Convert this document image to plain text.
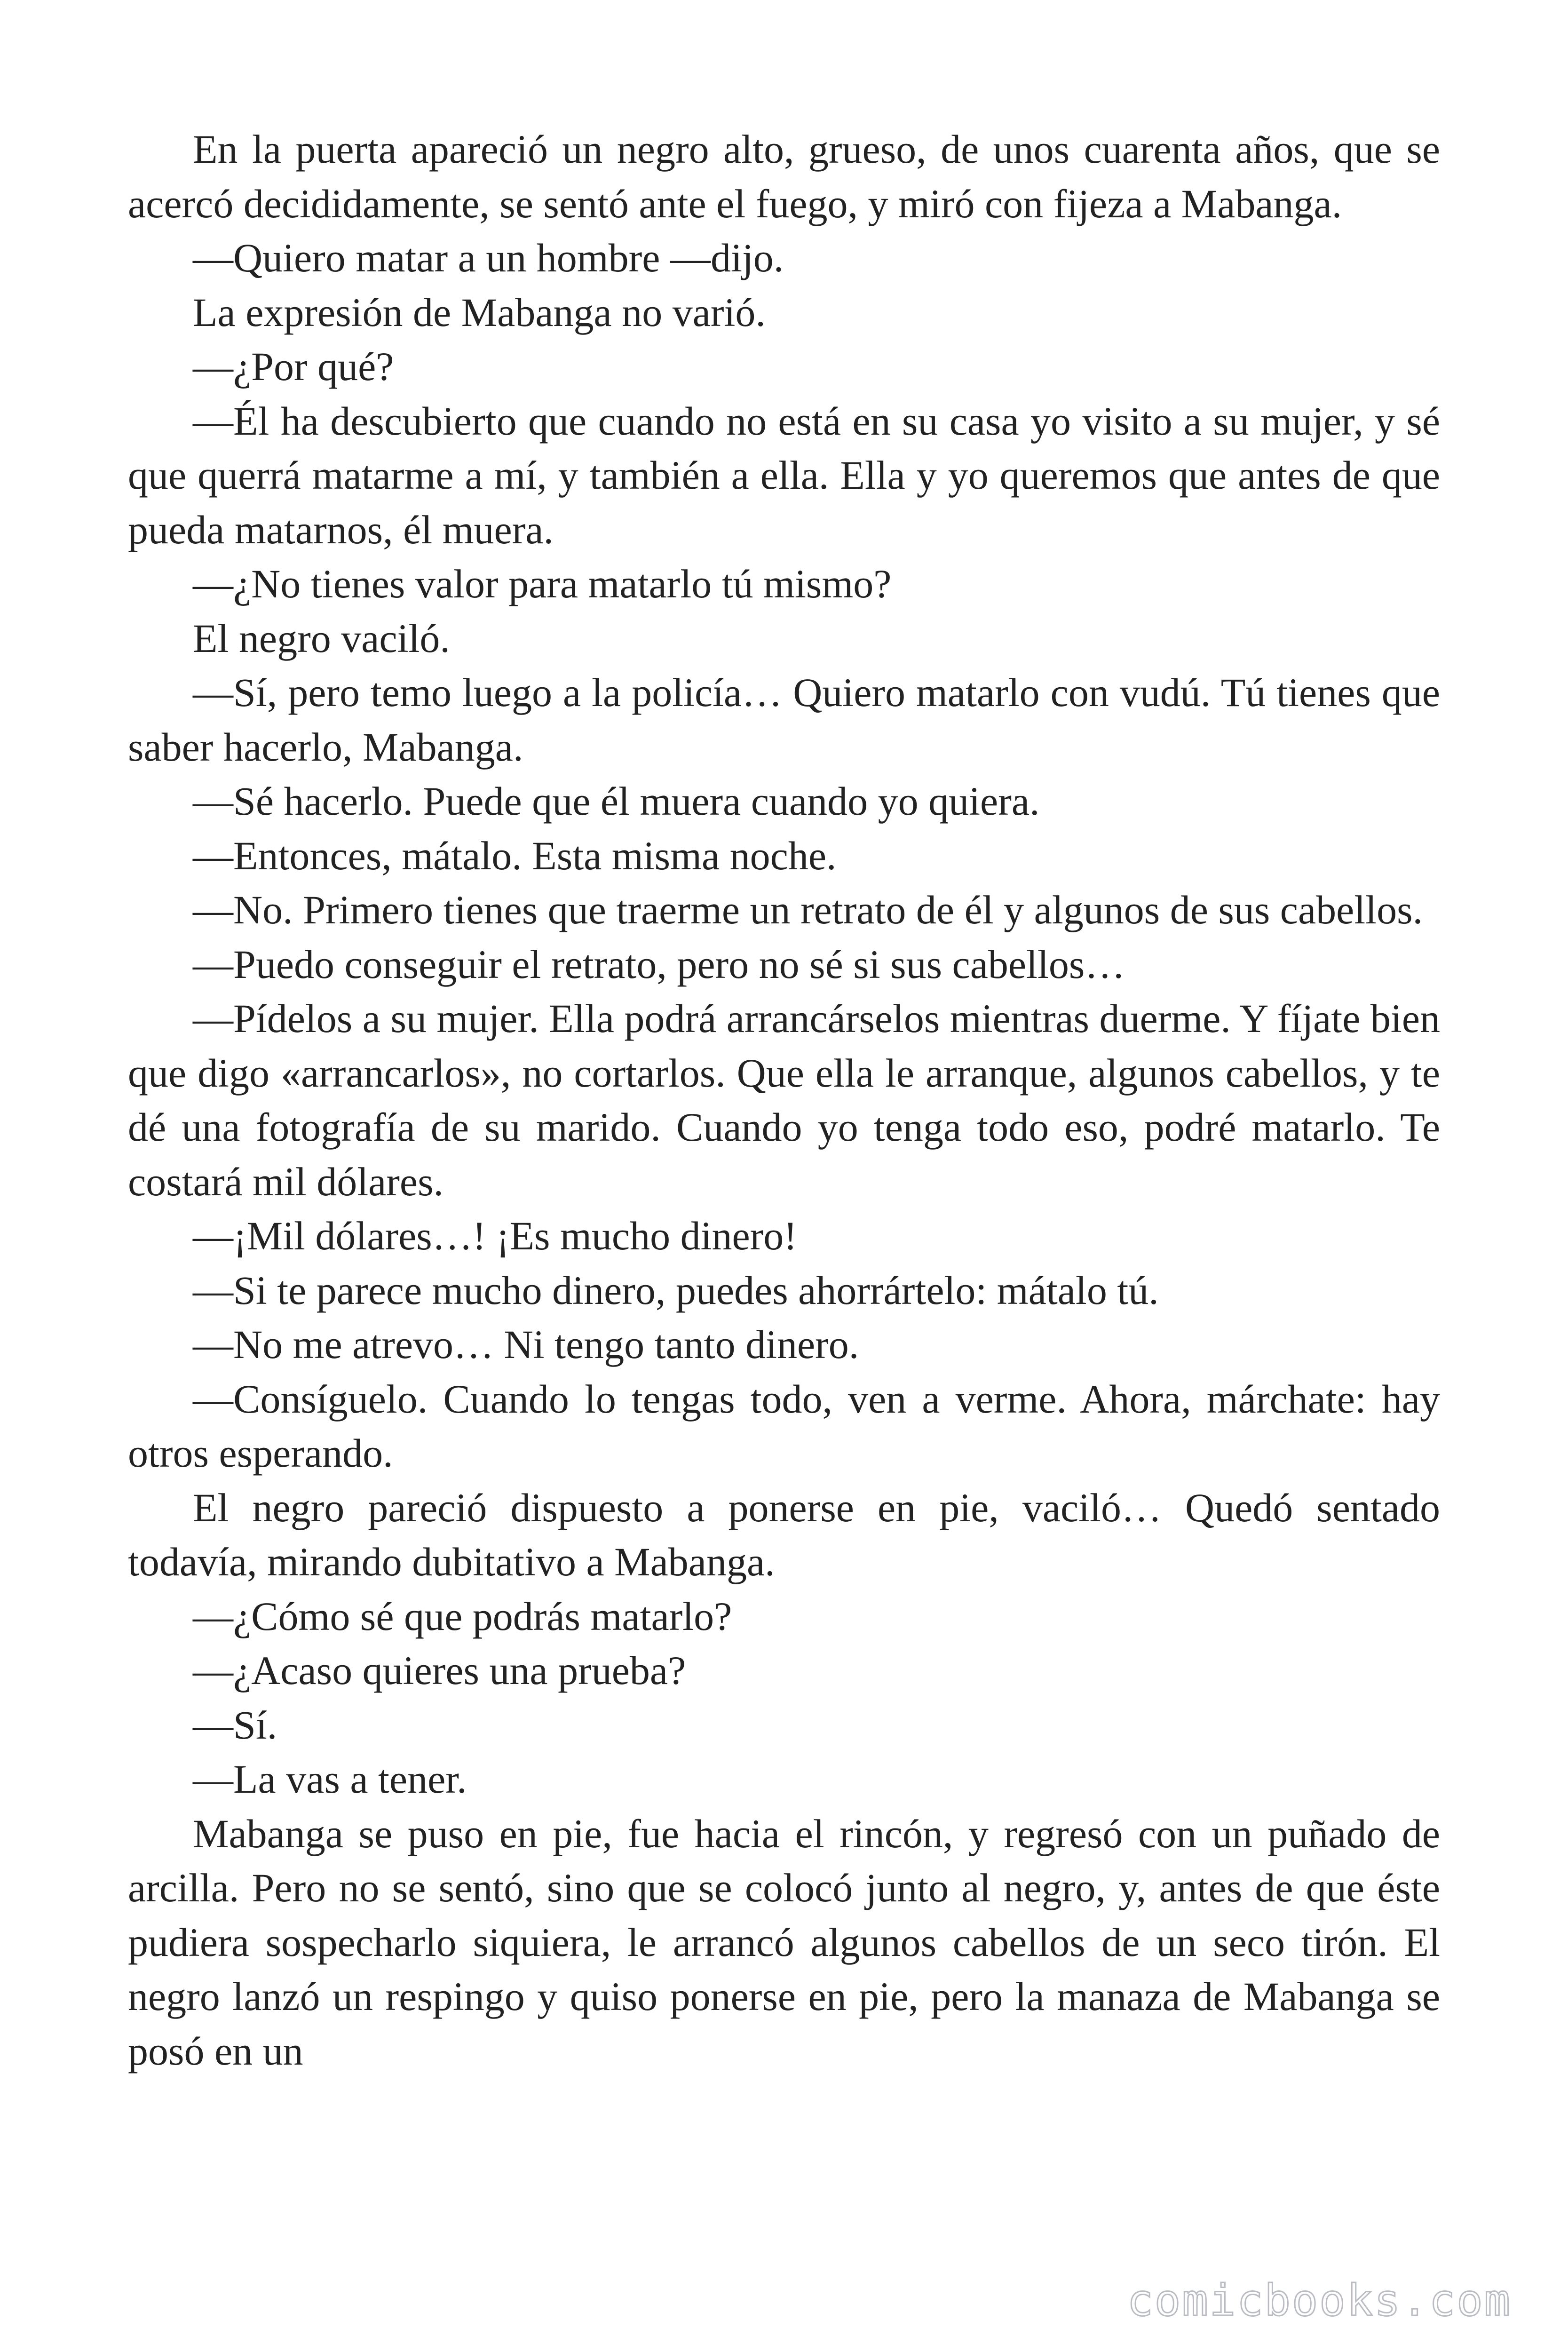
En la puerta apareció un negro alto, grueso, de unos cuarenta años, que se acercó decididamente, se sentó ante el fuego, y miró con fijeza a Mabanga.

—Quiero matar a un hombre —dijo.

La expresión de Mabanga no varió.

—¿Por qué?

—Él ha descubierto que cuando no está en su casa yo visito a su mujer, y sé que querrá matarme a mí, y también a ella. Ella y yo queremos que antes de que pueda matarnos, él muera.

—¿No tienes valor para matarlo tú mismo?

El negro vaciló.

—Sí, pero temo luego a la policía… Quiero matarlo con vudú. Tú tienes que saber hacerlo, Mabanga.

—Sé hacerlo. Puede que él muera cuando yo quiera.

—Entonces, mátalo. Esta misma noche.

—No. Primero tienes que traerme un retrato de él y algunos de sus cabellos.

—Puedo conseguir el retrato, pero no sé si sus cabellos…

—Pídelos a su mujer. Ella podrá arrancárselos mientras duerme. Y fíjate bien que digo «arrancarlos», no cortarlos. Que ella le arranque, algunos cabellos, y te dé una fotografía de su marido. Cuando yo tenga todo eso, podré matarlo. Te costará mil dólares.

—¡Mil dólares…! ¡Es mucho dinero!

—Si te parece mucho dinero, puedes ahorrártelo: mátalo tú.

—No me atrevo… Ni tengo tanto dinero.

—Consíguelo. Cuando lo tengas todo, ven a verme. Ahora, márchate: hay otros esperando.

El negro pareció dispuesto a ponerse en pie, vaciló… Quedó sentado todavía, mirando dubitativo a Mabanga.

—¿Cómo sé que podrás matarlo?

—¿Acaso quieres una prueba?

—Sí.

—La vas a tener.

Mabanga se puso en pie, fue hacia el rincón, y regresó con un puñado de arcilla. Pero no se sentó, sino que se colocó junto al negro, y, antes de que éste pudiera sospecharlo siquiera, le arrancó algunos cabellos de un seco tirón. El negro lanzó un respingo y quiso ponerse en pie, pero la manaza de Mabanga se posó en un

comicbooks.com
